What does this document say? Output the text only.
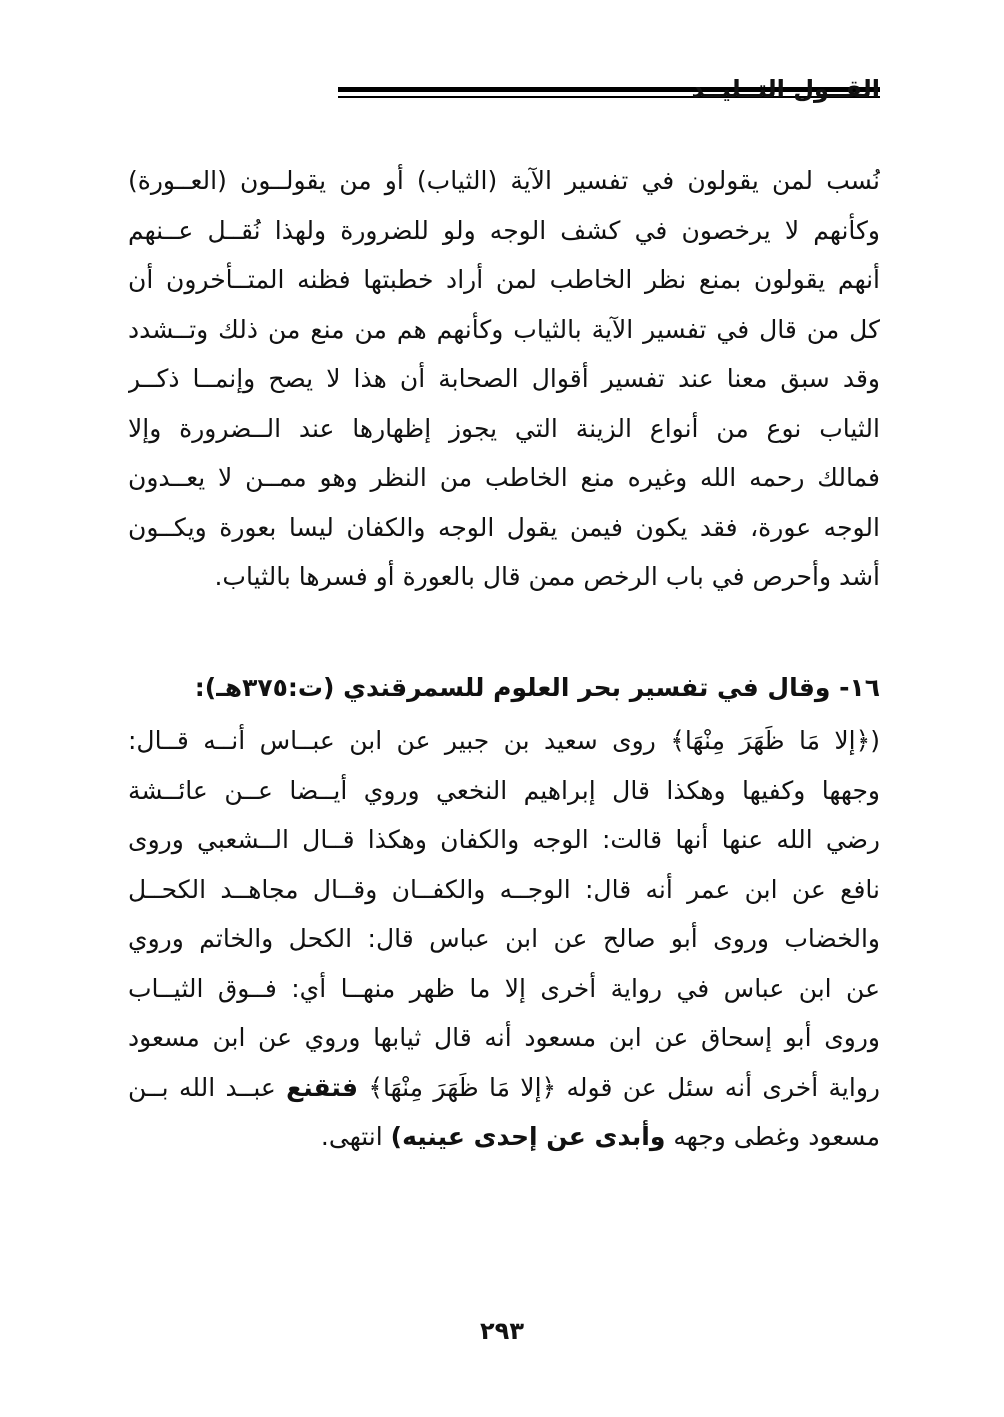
القــول التــليــد
نُسب لمن يقولون في تفسير الآية (الثياب) أو من يقولــون (العــورة)
وكأنهم لا يرخصون في كشف الوجه ولو للضرورة ولهذا نُقــل عــنهم
أنهم يقولون بمنع نظر الخاطب لمن أراد خطبتها فظنه المتــأخرون أن
كل من قال في تفسير الآية بالثياب وكأنهم هم من منع من ذلك وتــشدد
وقد سبق معنا عند تفسير أقوال الصحابة أن هذا لا يصح وإنمــا ذكــر
الثياب نوع من أنواع الزينة التي يجوز إظهارها عند الــضرورة وإلا
فمالك رحمه الله وغيره منع الخاطب من النظر وهو ممــن لا يعــدون
الوجه عورة، فقد يكون فيمن يقول الوجه والكفان ليسا بعورة ويكــون
أشد وأحرص في باب الرخص ممن قال بالعورة أو فسرها بالثياب.
١٦- وقال في تفسير بحر العلوم للسمرقندي (ت:٣٧٥هـ):
(﴿إلا مَا ظَهَرَ مِنْهَا﴾ روى سعيد بن جبير عن ابن عبــاس أنــه قــال:
وجهها وكفيها وهكذا قال إبراهيم النخعي وروي أيــضا عــن عائــشة
رضي الله عنها أنها قالت: الوجه والكفان وهكذا قــال الــشعبي وروى
نافع عن ابن عمر أنه قال: الوجــه والكفــان وقــال مجاهــد الكحــل
والخضاب وروى أبو صالح عن ابن عباس قال: الكحل والخاتم وروي
عن ابن عباس في رواية أخرى إلا ما ظهر منهــا أي: فــوق الثيــاب
وروى أبو إسحاق عن ابن مسعود أنه قال ثيابها وروي عن ابن مسعود
رواية أخرى أنه سئل عن قوله ﴿إلا مَا ظَهَرَ مِنْهَا﴾ فتقنع عبــد الله بــن
مسعود وغطى وجهه وأبدى عن إحدى عينيه) انتهى.
٢٩٣
